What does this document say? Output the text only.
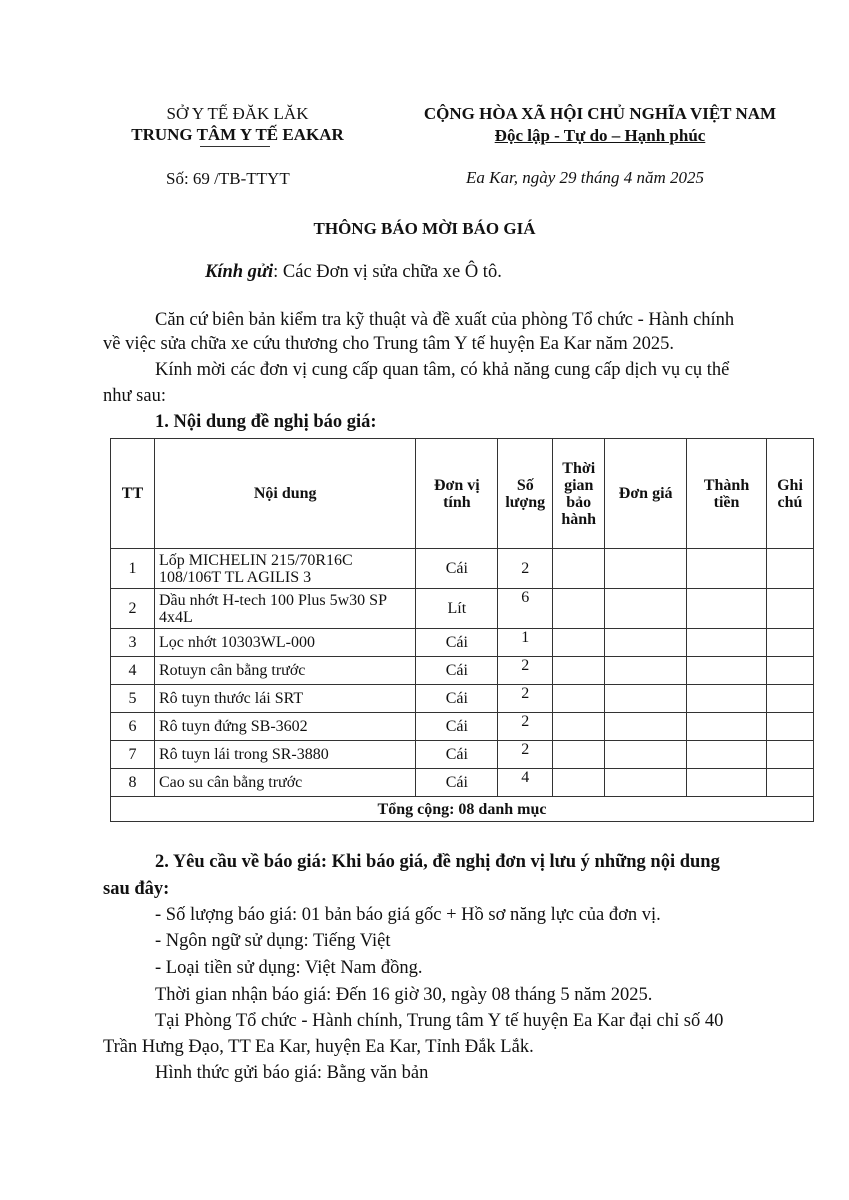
SỞ Y TẾ ĐĂK LĂK
TRUNG TÂM Y TẾ EAKAR
Số: 69 /TB-TTYT
CỘNG HÒA XÃ HỘI CHỦ NGHĨA VIỆT NAM
Độc lập - Tự do – Hạnh phúc
Ea Kar, ngày 29 tháng 4 năm 2025
THÔNG BÁO MỜI BÁO GIÁ
Kính gửi: Các Đơn vị sửa chữa xe Ô tô.
Căn cứ biên bản kiểm tra kỹ thuật và đề xuất của phòng Tổ chức - Hành chính
về việc sửa chữa xe cứu thương cho Trung tâm Y tế huyện Ea Kar năm 2025.
Kính mời các đơn vị cung cấp quan tâm, có khả năng cung cấp dịch vụ cụ thể
như sau:
1. Nội dung đề nghị báo giá:
TT	Nội dung	Đơn vị tính	Số lượng	Thời gian bảo hành	Đơn giá	Thành tiền	Ghi chú
1	Lốp MICHELIN 215/70R16C 108/106T TL AGILIS 3	Cái	2				
2	Dầu nhớt H-tech 100 Plus 5w30 SP 4x4L	Lít	6				
3	Lọc nhớt 10303WL-000	Cái	1				
4	Rotuyn cân bằng trước	Cái	2				
5	Rô tuyn thước lái SRT	Cái	2				
6	Rô tuyn đứng SB-3602	Cái	2				
7	Rô tuyn lái trong SR-3880	Cái	2				
8	Cao su cân bằng trước	Cái	4				
Tổng cộng: 08 danh mục							
2. Yêu cầu về báo giá: Khi báo giá, đề nghị đơn vị lưu ý những nội dung
sau đây:
- Số lượng báo giá: 01 bản báo giá gốc + Hồ sơ năng lực của đơn vị.
- Ngôn ngữ sử dụng: Tiếng Việt
- Loại tiền sử dụng: Việt Nam đồng.
Thời gian nhận báo giá: Đến 16 giờ 30, ngày 08 tháng 5 năm 2025.
Tại Phòng Tổ chức - Hành chính, Trung tâm Y tế huyện Ea Kar đại chỉ số 40
Trần Hưng Đạo, TT Ea Kar, huyện Ea Kar, Tỉnh Đắk Lắk.
Hình thức gửi báo giá: Bằng văn bản
